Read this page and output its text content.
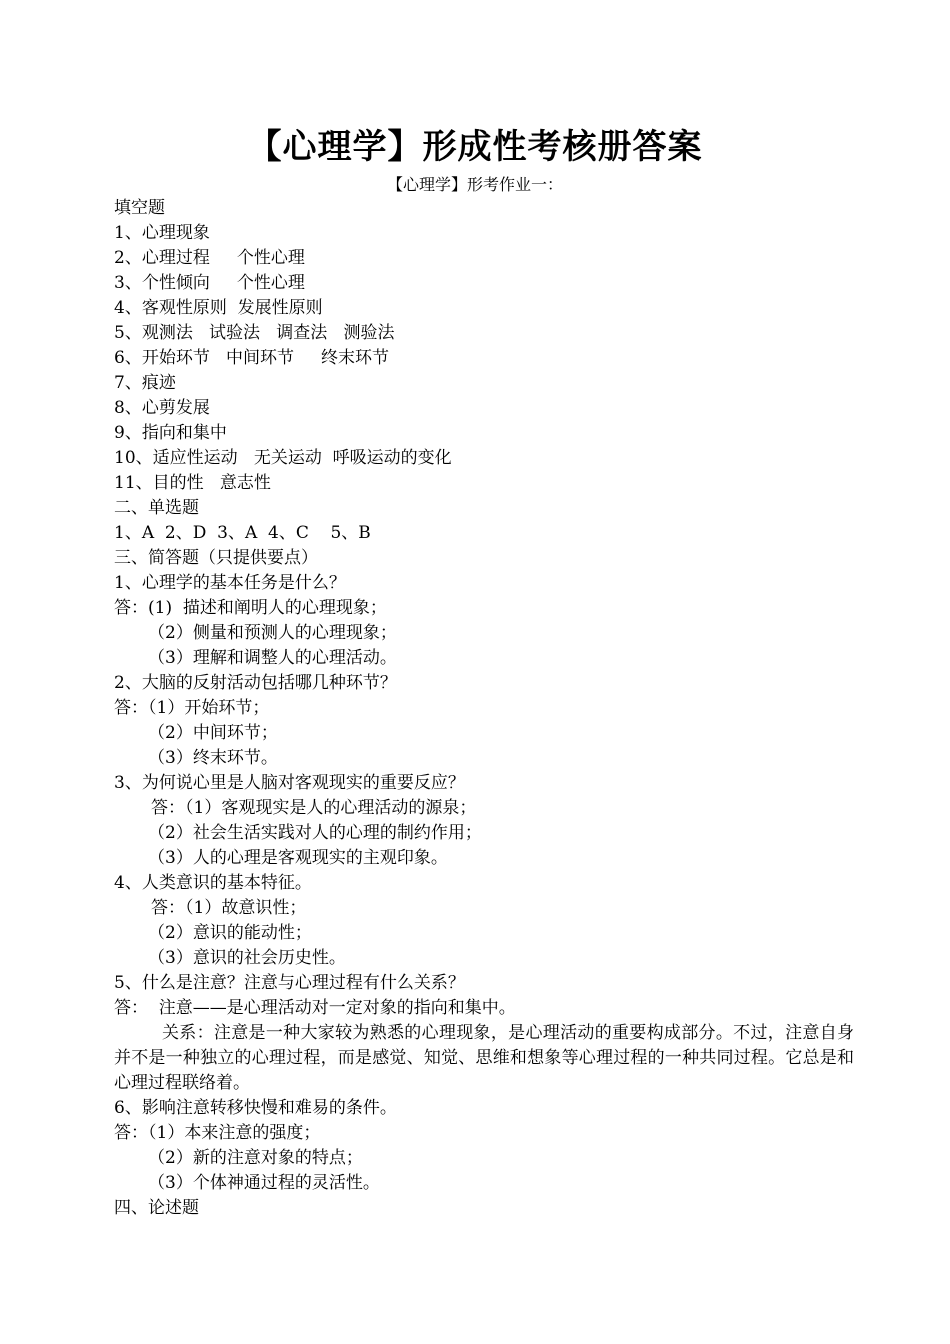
【心理学】形成性考核册答案
【心理学】形考作业一：
填空题
1、心理现象
2、心理过程     个性心理
3、个性倾向     个性心理
4、客观性原则  发展性原则
5、观测法   试验法   调查法   测验法
6、开始环节   中间环节     终末环节
7、痕迹
8、心剪发展
9、指向和集中
10、适应性运动   无关运动  呼吸运动的变化
11、目的性   意志性
二、单选题
1、A  2、D  3、A  4、C    5、B
三、简答题（只提供要点）
1、心理学的基本任务是什么？
答：(1)  描述和阐明人的心理现象；
（2）侧量和预测人的心理现象；
（3）理解和调整人的心理活动。
2、大脑的反射活动包括哪几种环节？
答：（1）开始环节；
（2）中间环节；
（3）终末环节。
3、为何说心里是人脑对客观现实的重要反应？
答：（1）客观现实是人的心理活动的源泉；
（2）社会生活实践对人的心理的制约作用；
（3）人的心理是客观现实的主观印象。
4、人类意识的基本特征。
答：（1）故意识性；
（2）意识的能动性；
（3）意识的社会历史性。
5、什么是注意？注意与心理过程有什么关系？
答：  注意——是心理活动对一定对象的指向和集中。
关系：注意是一种大家较为熟悉的心理现象，是心理活动的重要构成部分。不过，注意自身并不是一种独立的心理过程，而是感觉、知觉、思维和想象等心理过程的一种共同过程。它总是和心理过程联络着。
6、影响注意转移快慢和难易的条件。
答：（1）本来注意的强度；
（2）新的注意对象的特点；
（3）个体神通过程的灵活性。
四、论述题
